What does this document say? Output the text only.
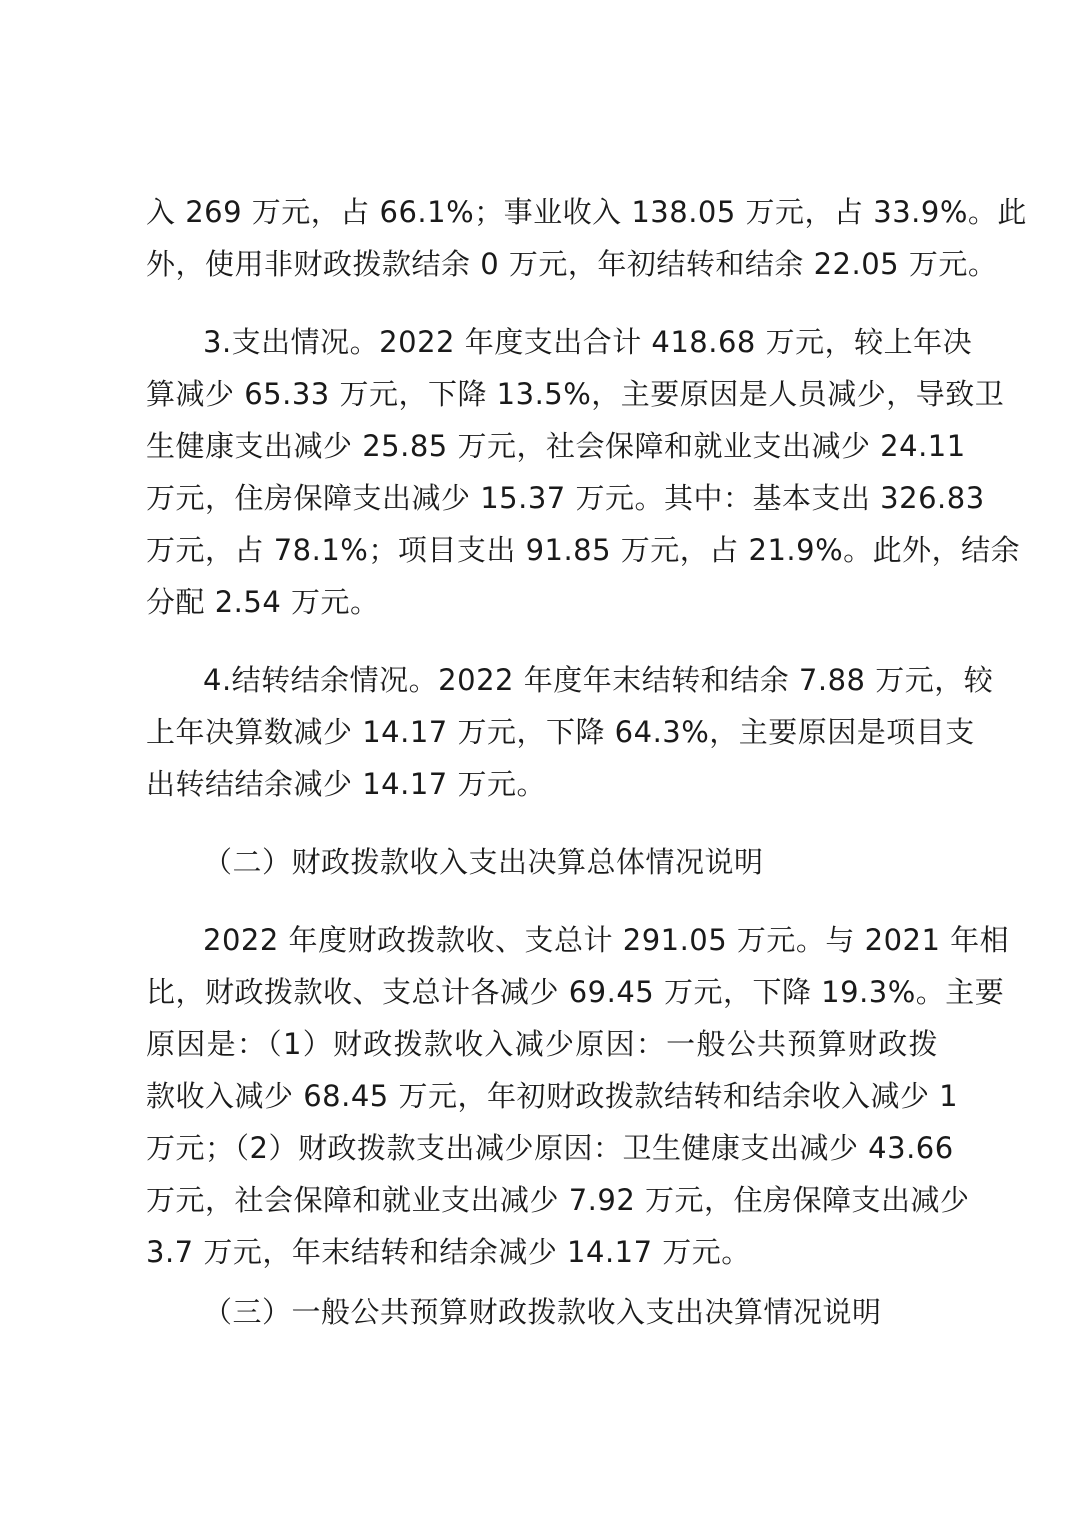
入 269 万元，占 66.1%；事业收入 138.05 万元，占 33.9%。此
外，使用非财政拨款结余 0 万元，年初结转和结余 22.05 万元。
3.支出情况。2022 年度支出合计 418.68 万元，较上年决
算减少 65.33 万元，下降 13.5%，主要原因是人员减少，导致卫
生健康支出减少 25.85 万元，社会保障和就业支出减少 24.11
万元，住房保障支出减少 15.37 万元。其中：基本支出 326.83
万元，占 78.1%；项目支出 91.85 万元，占 21.9%。此外，结余
分配 2.54 万元。
4.结转结余情况。2022 年度年末结转和结余 7.88 万元，较
上年决算数减少 14.17 万元，下降 64.3%，主要原因是项目支
出转结结余减少 14.17 万元。
（二）财政拨款收入支出决算总体情况说明
2022 年度财政拨款收、支总计 291.05 万元。与 2021 年相
比，财政拨款收、支总计各减少 69.45 万元，下降 19.3%。主要
原因是：（1）财政拨款收入减少原因：一般公共预算财政拨
款收入减少 68.45 万元，年初财政拨款结转和结余收入减少 1
万元；（2）财政拨款支出减少原因：卫生健康支出减少 43.66
万元，社会保障和就业支出减少 7.92 万元，住房保障支出减少
3.7 万元，年末结转和结余减少 14.17 万元。
（三）一般公共预算财政拨款收入支出决算情况说明
